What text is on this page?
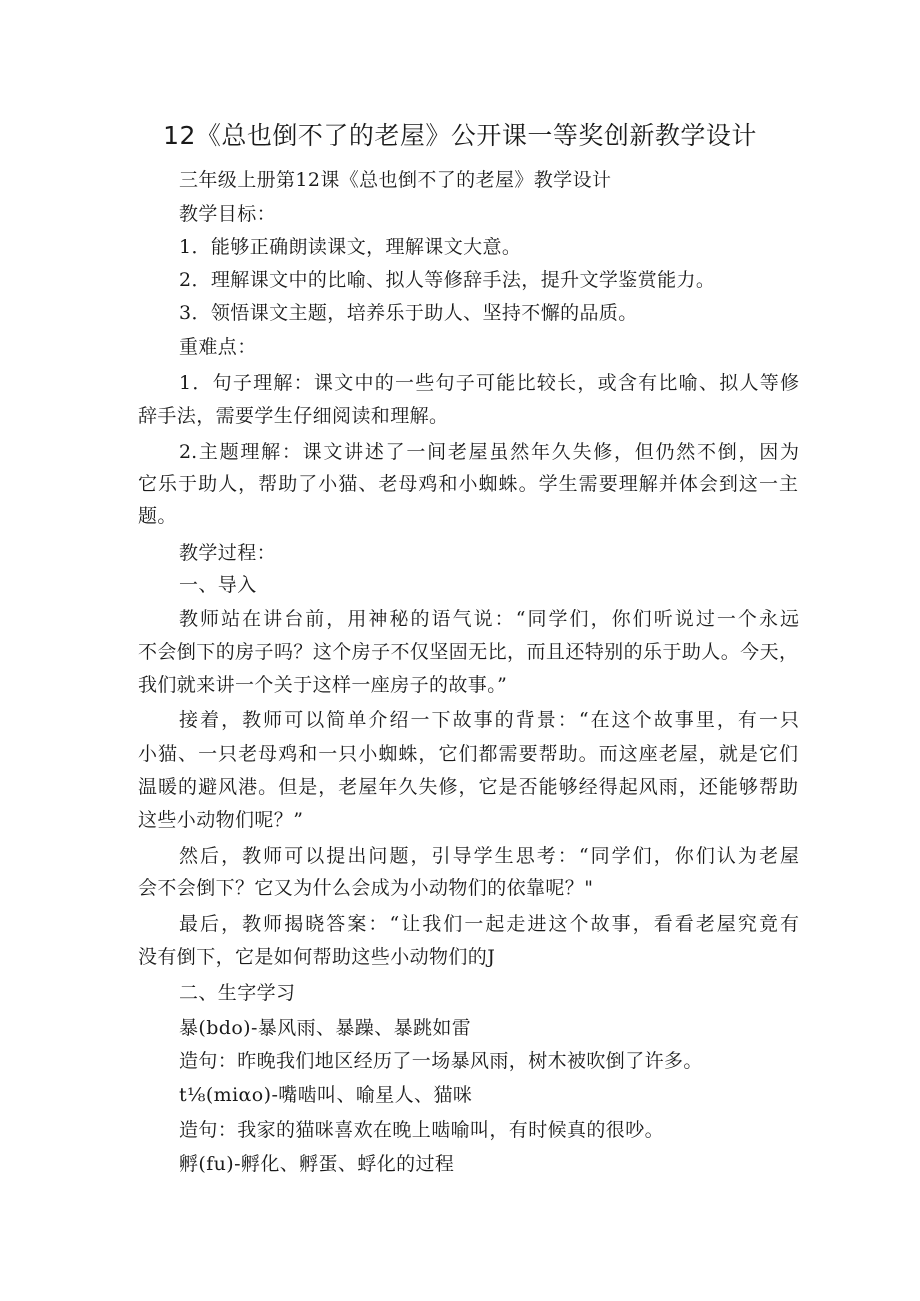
12《总也倒不了的老屋》公开课一等奖创新教学设计

三年级上册第12课《总也倒不了的老屋》教学设计

教学目标：

1．能够正确朗读课文，理解课文大意。

2．理解课文中的比喻、拟人等修辞手法，提升文学鉴赏能力。

3．领悟课文主题，培养乐于助人、坚持不懈的品质。

重难点：

1．句子理解：课文中的一些句子可能比较长，或含有比喻、拟人等修

辞手法，需要学生仔细阅读和理解。

2.主题理解：课文讲述了一间老屋虽然年久失修，但仍然不倒，因为

它乐于助人，帮助了小猫、老母鸡和小蜘蛛。学生需要理解并体会到这一主

题。

教学过程：

一、导入

教师站在讲台前，用神秘的语气说：“同学们，你们听说过一个永远

不会倒下的房子吗？这个房子不仅坚固无比，而且还特别的乐于助人。今天，

我们就来讲一个关于这样一座房子的故事。”

接着，教师可以简单介绍一下故事的背景：“在这个故事里，有一只

小猫、一只老母鸡和一只小蜘蛛，它们都需要帮助。而这座老屋，就是它们

温暖的避风港。但是，老屋年久失修，它是否能够经得起风雨，还能够帮助

这些小动物们呢？”

然后，教师可以提出问题，引导学生思考：“同学们，你们认为老屋

会不会倒下？它又为什么会成为小动物们的依靠呢？"

最后，教师揭晓答案：“让我们一起走进这个故事，看看老屋究竟有

没有倒下，它是如何帮助这些小动物们的J

二、生字学习

暴(bdo)-暴风雨、暴躁、暴跳如雷

造句：昨晚我们地区经历了一场暴风雨，树木被吹倒了许多。

t⅛(miαo)-嘴啮叫、喻星人、猫咪

造句：我家的猫咪喜欢在晚上啮喻叫，有时候真的很吵。

孵(fu)-孵化、孵蛋、蜉化的过程
